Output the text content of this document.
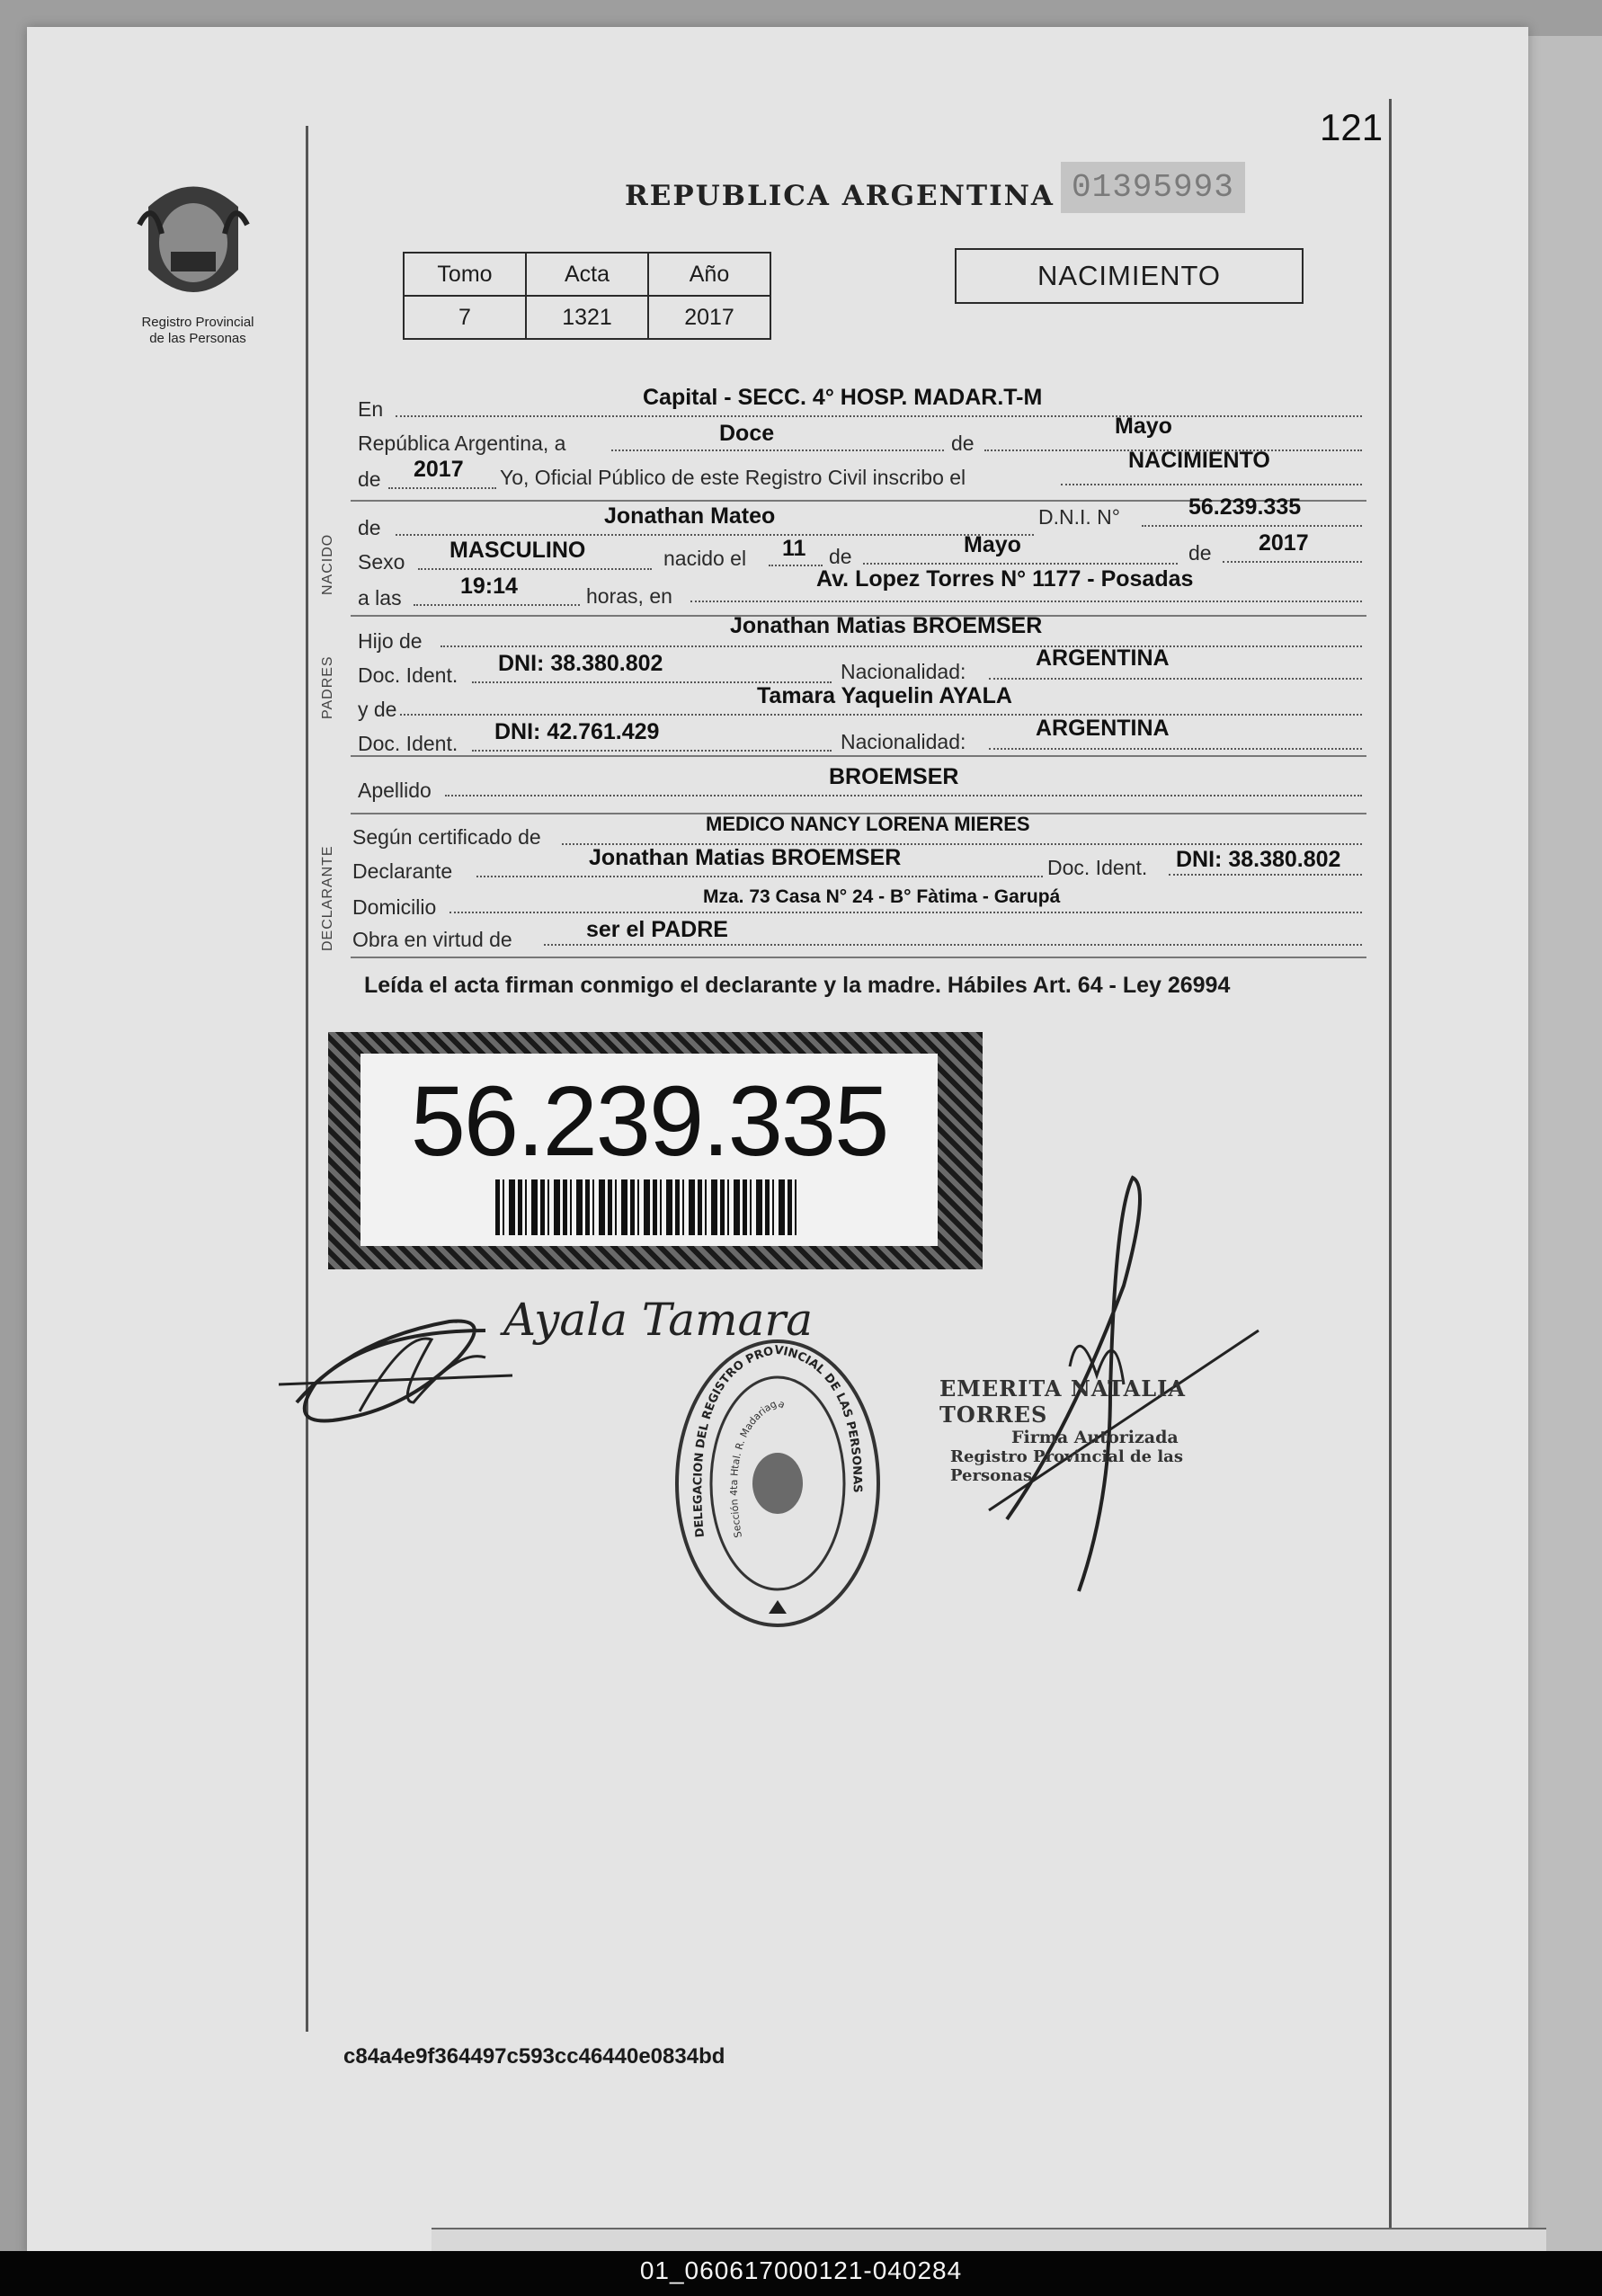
121
Registro Provincial
de las Personas
REPUBLICA ARGENTINA 01395993
Tomo	Acta	Año
7	1321	2017
NACIMIENTO
En	Capital - SECC. 4° HOSP. MADAR.T-M
República Argentina, a	Doce	de
Mayo
de 2017 Yo, Oficial Público de este Registro Civil inscribo el
NACIMIENTO
NACIDO
de	Jonathan Mateo	D.N.I. N°	56.239.335
Sexo MASCULINO	nacido el 11 de	Mayo	de 2017
a las	19:14	horas, en
Av. Lopez Torres N° 1177 - Posadas
PADRES
Hijo de
Jonathan Matias BROEMSER
Doc. Ident. DNI: 38.380.802	Nacionalidad:
ARGENTINA
y de
Tamara Yaquelin AYALA
Doc. Ident. DNI: 42.761.429	Nacionalidad:
ARGENTINA
Apellido
BROEMSER
DECLARANTE
Según certificado de
MEDICO NANCY LORENA MIERES
Declarante
Jonathan Matias BROEMSER	Doc. Ident. DNI: 38.380.802
Domicilio	Mza. 73 Casa N° 24 - B° Fàtima - Garupá
Obra en virtud de	ser el PADRE
Leída el acta firman conmigo el declarante y la madre. Hábiles Art. 64 - Ley 26994
56.239.335
Ayala Tamara
DELEGACION DEL REGISTRO PROVINCIAL DE LAS PERSONAS
Sección 4ta Htal. R. Madariaga
EMERITA NATALIA TORRES
Firma Autorizada
Registro Provincial de las Personas
c84a4e9f364497c593cc46440e0834bd
01_060617000121-040284
